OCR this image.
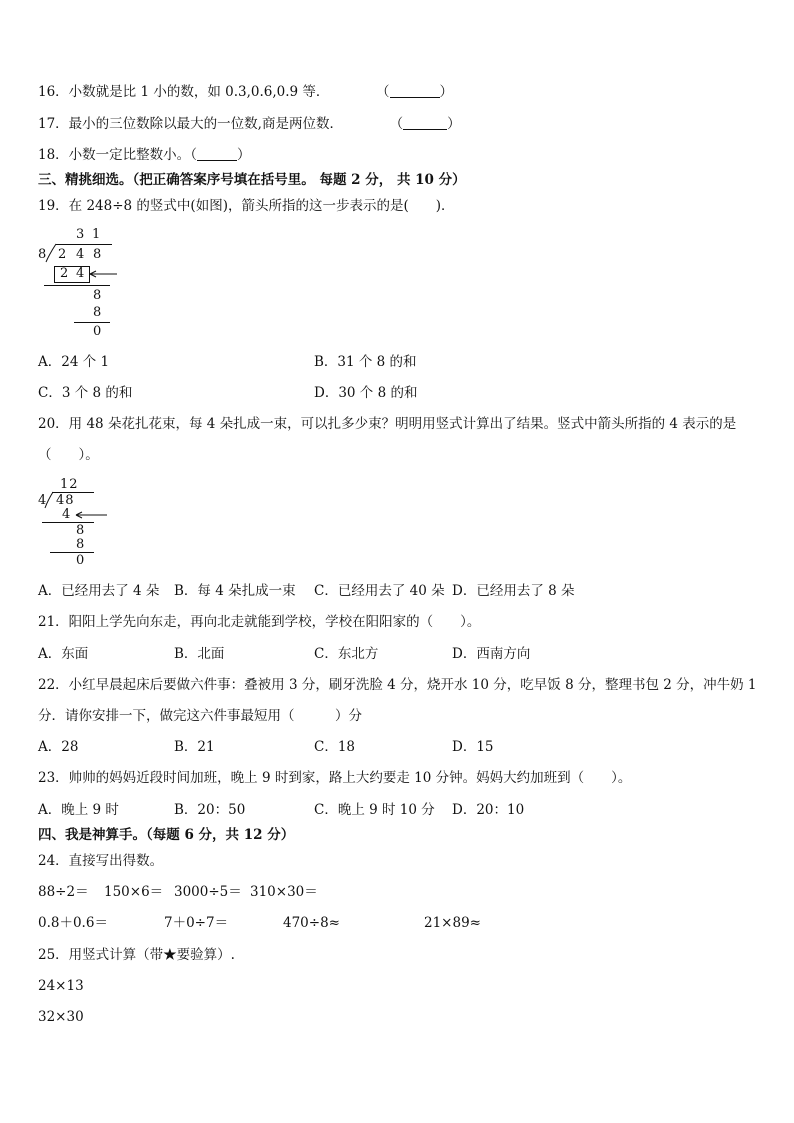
16．小数就是比 1 小的数，如 0.3,0.6,0.9 等．	（	）
17．最小的三位数除以最大的一位数,商是两位数．	（	）
18．小数一定比整数小。（	）
三、精挑细选。（把正确答案序号填在括号里。 每题 2 分， 共 10 分）
19．在 248÷8 的竖式中(如图)，箭头所指的这一步表示的是(　　)．
3 1
8 2 4 8
2 4
8
8
0
A．24 个 1	B．31 个 8 的和
C．3 个 8 的和	D．30 个 8 的和
20．用 48 朵花扎花束，每 4 朵扎成一束，可以扎多少束？明明用竖式计算出了结果。竖式中箭头所指的 4 表示的是
（　　）。
12
4 48
4
8
8
0
A．已经用去了 4 朵 B．每 4 朵扎成一束 C．已经用去了 40 朵 D．已经用去了 8 朵
21．阳阳上学先向东走，再向北走就能到学校，学校在阳阳家的（　　）。
A．东面	B．北面	C．东北方	D．西南方向
22．小红早晨起床后要做六件事：叠被用 3 分，刷牙洗脸 4 分，烧开水 10 分，吃早饭 8 分，整理书包 2 分，冲牛奶 1
分．请你安排一下，做完这六件事最短用（　　　）分
A．28	B．21	C．18	D．15
23．帅帅的妈妈近段时间加班，晚上 9 时到家，路上大约要走 10 分钟。妈妈大约加班到（　　）。
A．晚上 9 时	B．20：50	C．晚上 9 时 10 分 D．20：10
四、我是神算手。（每题 6 分，共 12 分）
24．直接写出得数。
88÷2＝ 150×6＝ 3000÷5＝ 310×30＝
0.8＋0.6＝	7＋0÷7＝	470÷8≈	21×89≈
25．用竖式计算（带★要验算）.
24×13
32×30
